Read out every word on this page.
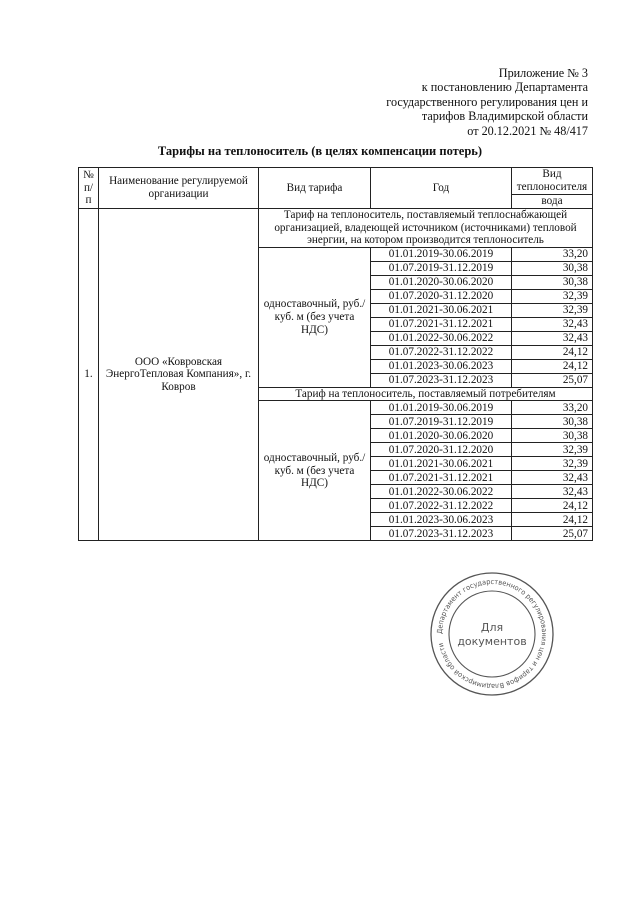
Приложение № 3
к постановлению Департамента
государственного регулирования цен и
тарифов Владимирской области
от 20.12.2021 № 48/417
Тарифы на теплоноситель (в целях компенсации потерь)
№ п/п	Наименование регулируемой организации	Вид тарифа	Год	Вид теплоносителя
				вода
1.	ООО «Ковровская ЭнергоТепловая Компания», г. Ковров	Тариф на теплоноситель, поставляемый теплоснабжающей организацией, владеющей источником (источниками) тепловой энергии, на котором производится теплоноситель		
		одноставочный, руб./куб. м (без учета НДС)	01.01.2019-30.06.2019	33,20
			01.07.2019-31.12.2019	30,38
			01.01.2020-30.06.2020	30,38
			01.07.2020-31.12.2020	32,39
			01.01.2021-30.06.2021	32,39
			01.07.2021-31.12.2021	32,43
			01.01.2022-30.06.2022	32,43
			01.07.2022-31.12.2022	24,12
			01.01.2023-30.06.2023	24,12
			01.07.2023-31.12.2023	25,07
		Тариф на теплоноситель, поставляемый потребителям		
		одноставочный, руб./куб. м (без учета НДС)	01.01.2019-30.06.2019	33,20
			01.07.2019-31.12.2019	30,38
			01.01.2020-30.06.2020	30,38
			01.07.2020-31.12.2020	32,39
			01.01.2021-30.06.2021	32,39
			01.07.2021-31.12.2021	32,43
			01.01.2022-30.06.2022	32,43
			01.07.2022-31.12.2022	24,12
			01.01.2023-30.06.2023	24,12
			01.07.2023-31.12.2023	25,07
Департамент государственного регулирования цен и тарифов Владимирской области
Для
документов
